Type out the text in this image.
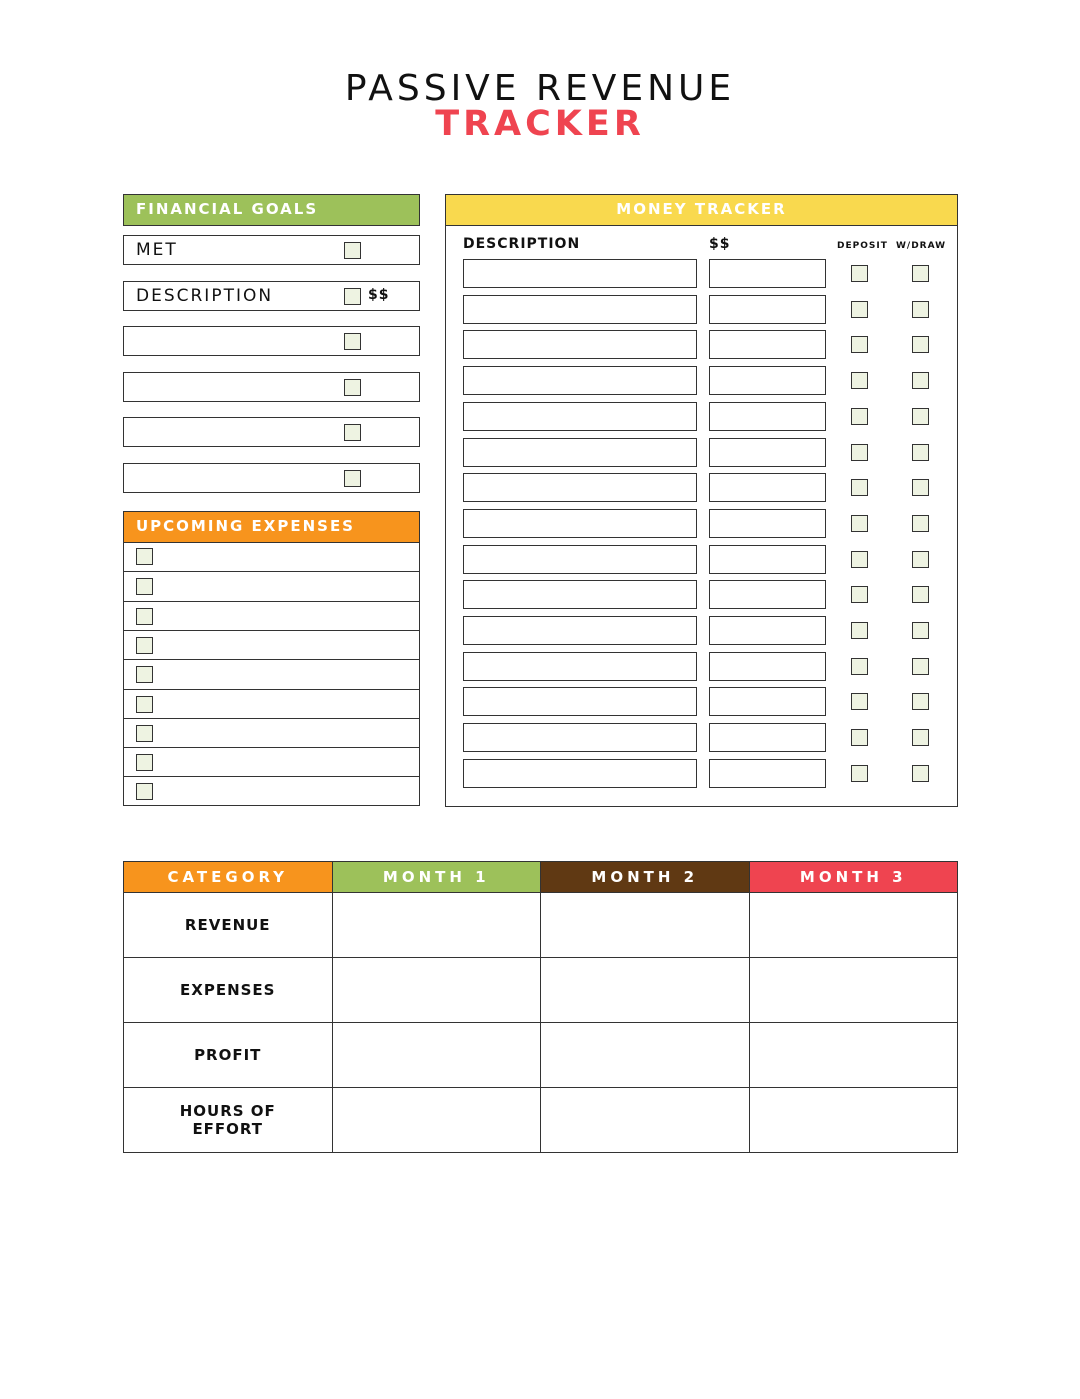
PASSIVE REVENUE
TRACKER
FINANCIAL GOALS
MET
DESCRIPTION	$$
UPCOMING EXPENSES
MONEY TRACKER
DESCRIPTION	$$	DEPOSIT W/DRAW
CATEGORY	MONTH 1	MONTH 2	MONTH 3
REVENUE			
EXPENSES			
PROFIT			
HOURS OF EFFORT			
